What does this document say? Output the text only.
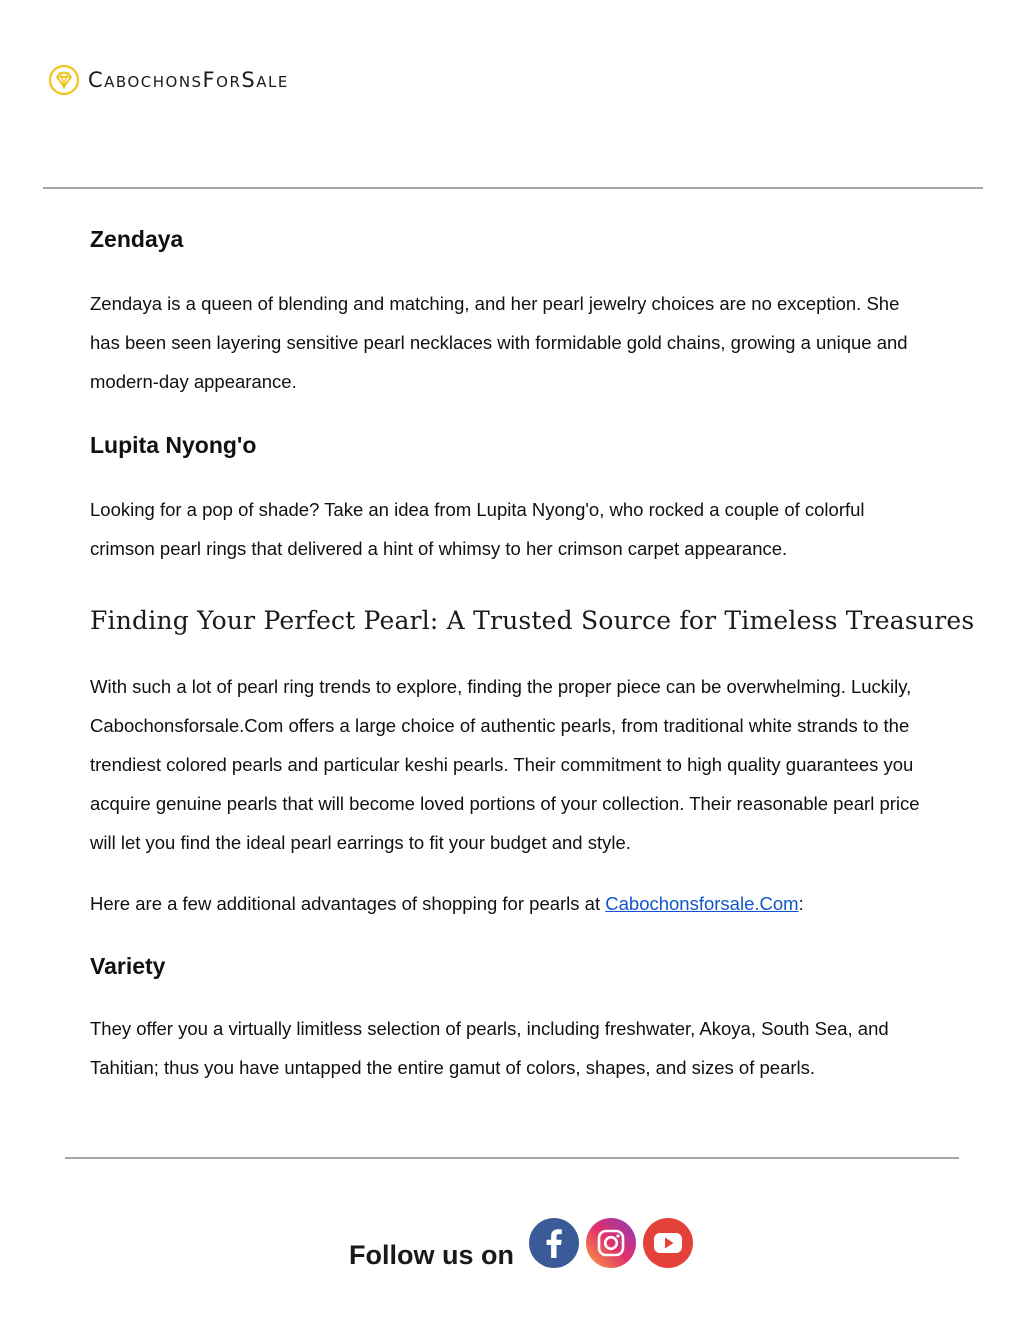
CabochonsForSale
Zendaya

Zendaya is a queen of blending and matching, and her pearl jewelry choices are no exception. She
has been seen layering sensitive pearl necklaces with formidable gold chains, growing a unique and
modern-day appearance.

Lupita Nyong'o

Looking for a pop of shade? Take an idea from Lupita Nyong'o, who rocked a couple of colorful
crimson pearl rings that delivered a hint of whimsy to her crimson carpet appearance.

Finding Your Perfect Pearl: A Trusted Source for Timeless Treasures

With such a lot of pearl ring trends to explore, finding the proper piece can be overwhelming. Luckily,
Cabochonsforsale.Com offers a large choice of authentic pearls, from traditional white strands to the
trendiest colored pearls and particular keshi pearls. Their commitment to high quality guarantees you
acquire genuine pearls that will become loved portions of your collection. Their reasonable pearl price
will let you find the ideal pearl earrings to fit your budget and style.

Here are a few additional advantages of shopping for pearls at Cabochonsforsale.Com:

Variety

They offer you a virtually limitless selection of pearls, including freshwater, Akoya, South Sea, and
Tahitian; thus you have untapped the entire gamut of colors, shapes, and sizes of pearls.

Follow us on
